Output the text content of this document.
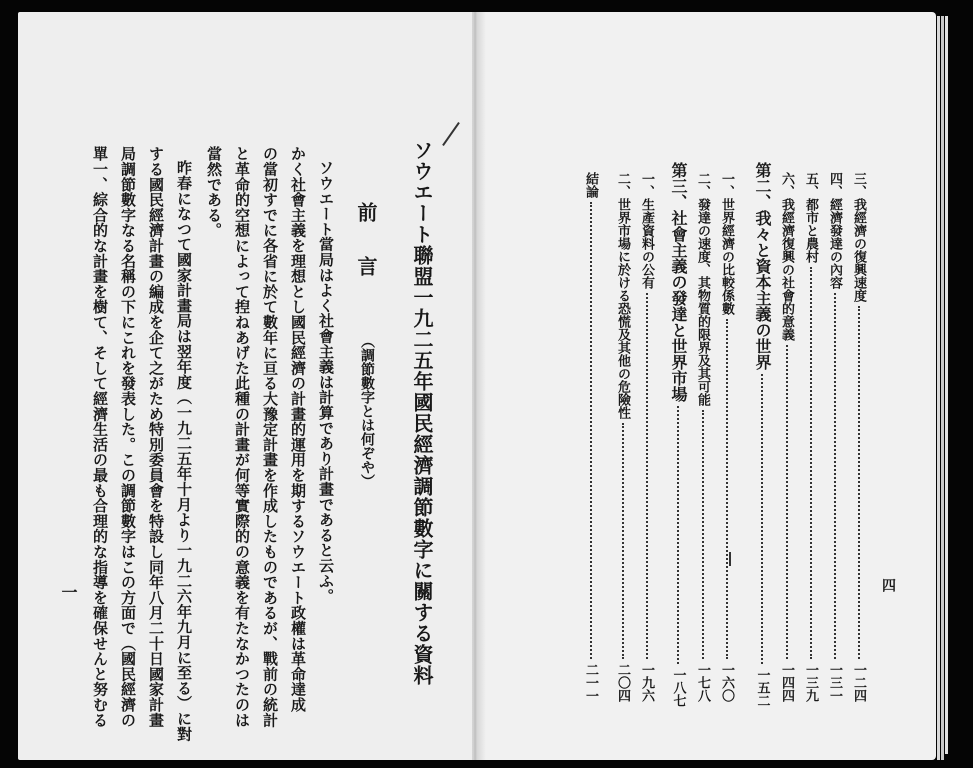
四
三、我經濟の復興速度
一二四
四、經濟發達の內容
一三一
五、都市と農村
一三九
六、我經濟復興の社會的意義
一四四
第二、我々と資本主義の世界
一五二
一、世界經濟の比較係數
一六〇
二、發達の速度、其物質的限界及其可能
一七八
第三、社會主義の發達と世界市場
一八七
一、生產資料の公有
一九六
二、世界市場に於ける恐慌及其他の危險性
二〇四
結論
二一一
ソウエート聯盟一九二五年國民經濟調節數字に關する資料
前言
（調節數字とは何ぞや）
ソウエート當局はよく社會主義は計算であり計畫であると云ふ。
かく社會主義を理想とし國民經濟の計畫的運用を期するソウエート政權は革命達成
の當初すでに各省に於て數年に亘る大豫定計畫を作成したものであるが、戰前の統計
と革命的空想によって揑ねあげた此種の計畫が何等實際的の意義を有たなかつたのは
當然である。
昨春になつて國家計畫局は翌年度（一九二五年十月より一九二六年九月に至る）に對
する國民經濟計畫の編成を企て之がため特別委員會を特設し同年八月二十日國家計畫
局調節數字なる名稱の下にこれを發表した。この調節數字はこの方面で（國民經濟の
單一、綜合的な計畫を樹て、そして經濟生活の最も合理的な指導を確保せんと努むる
一
